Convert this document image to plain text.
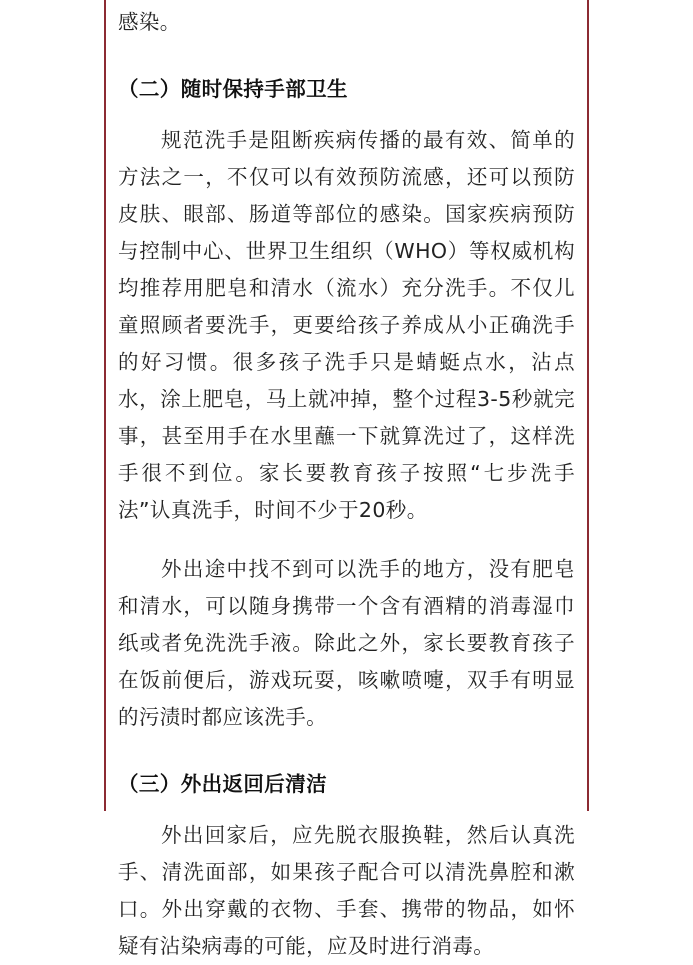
感染。

（二）随时保持手部卫生

规范洗手是阻断疾病传播的最有效、简单的方法之一，不仅可以有效预防流感，还可以预防皮肤、眼部、肠道等部位的感染。国家疾病预防与控制中心、世界卫生组织（WHO）等权威机构均推荐用肥皂和清水（流水）充分洗手。不仅儿童照顾者要洗手，更要给孩子养成从小正确洗手的好习惯。很多孩子洗手只是蜻蜓点水，沾点水，涂上肥皂，马上就冲掉，整个过程3-5秒就完事，甚至用手在水里蘸一下就算洗过了，这样洗手很不到位。家长要教育孩子按照“七步洗手法”认真洗手，时间不少于20秒。

外出途中找不到可以洗手的地方，没有肥皂和清水，可以随身携带一个含有酒精的消毒湿巾纸或者免洗洗手液。除此之外，家长要教育孩子在饭前便后，游戏玩耍，咳嗽喷嚏，双手有明显的污渍时都应该洗手。

（三）外出返回后清洁

外出回家后，应先脱衣服换鞋，然后认真洗手、清洗面部，如果孩子配合可以清洗鼻腔和漱口。外出穿戴的衣物、手套、携带的物品，如怀疑有沾染病毒的可能，应及时进行消毒。
